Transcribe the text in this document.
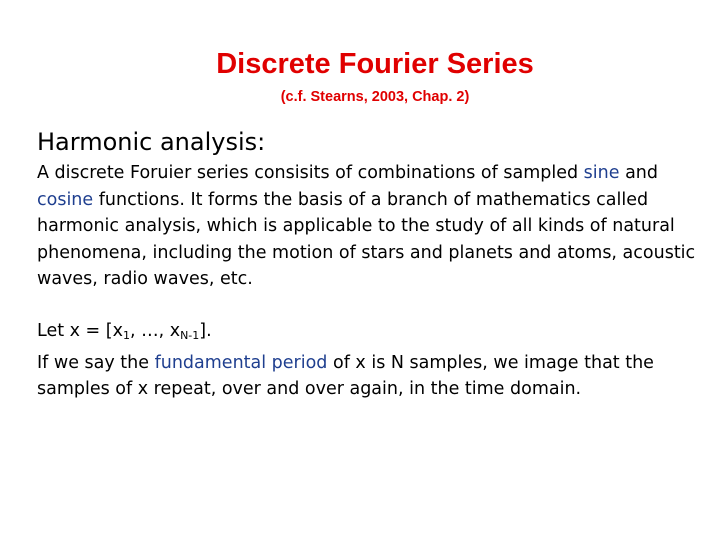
Discrete Fourier Series
(c.f. Stearns, 2003, Chap. 2)
Harmonic analysis:
A discrete Foruier series consisits of combinations of sampled sine and cosine functions. It forms the basis of a branch of mathematics called harmonic analysis, which is applicable to the study of all kinds of natural phenomena, including the motion of stars and planets and atoms, acoustic waves, radio waves, etc.
Let $x = [x_1$, …, $x_{N-1}$].
If we say the fundamental period of x is N samples, we image that the samples of x repeat, over and over again, in the time domain.
